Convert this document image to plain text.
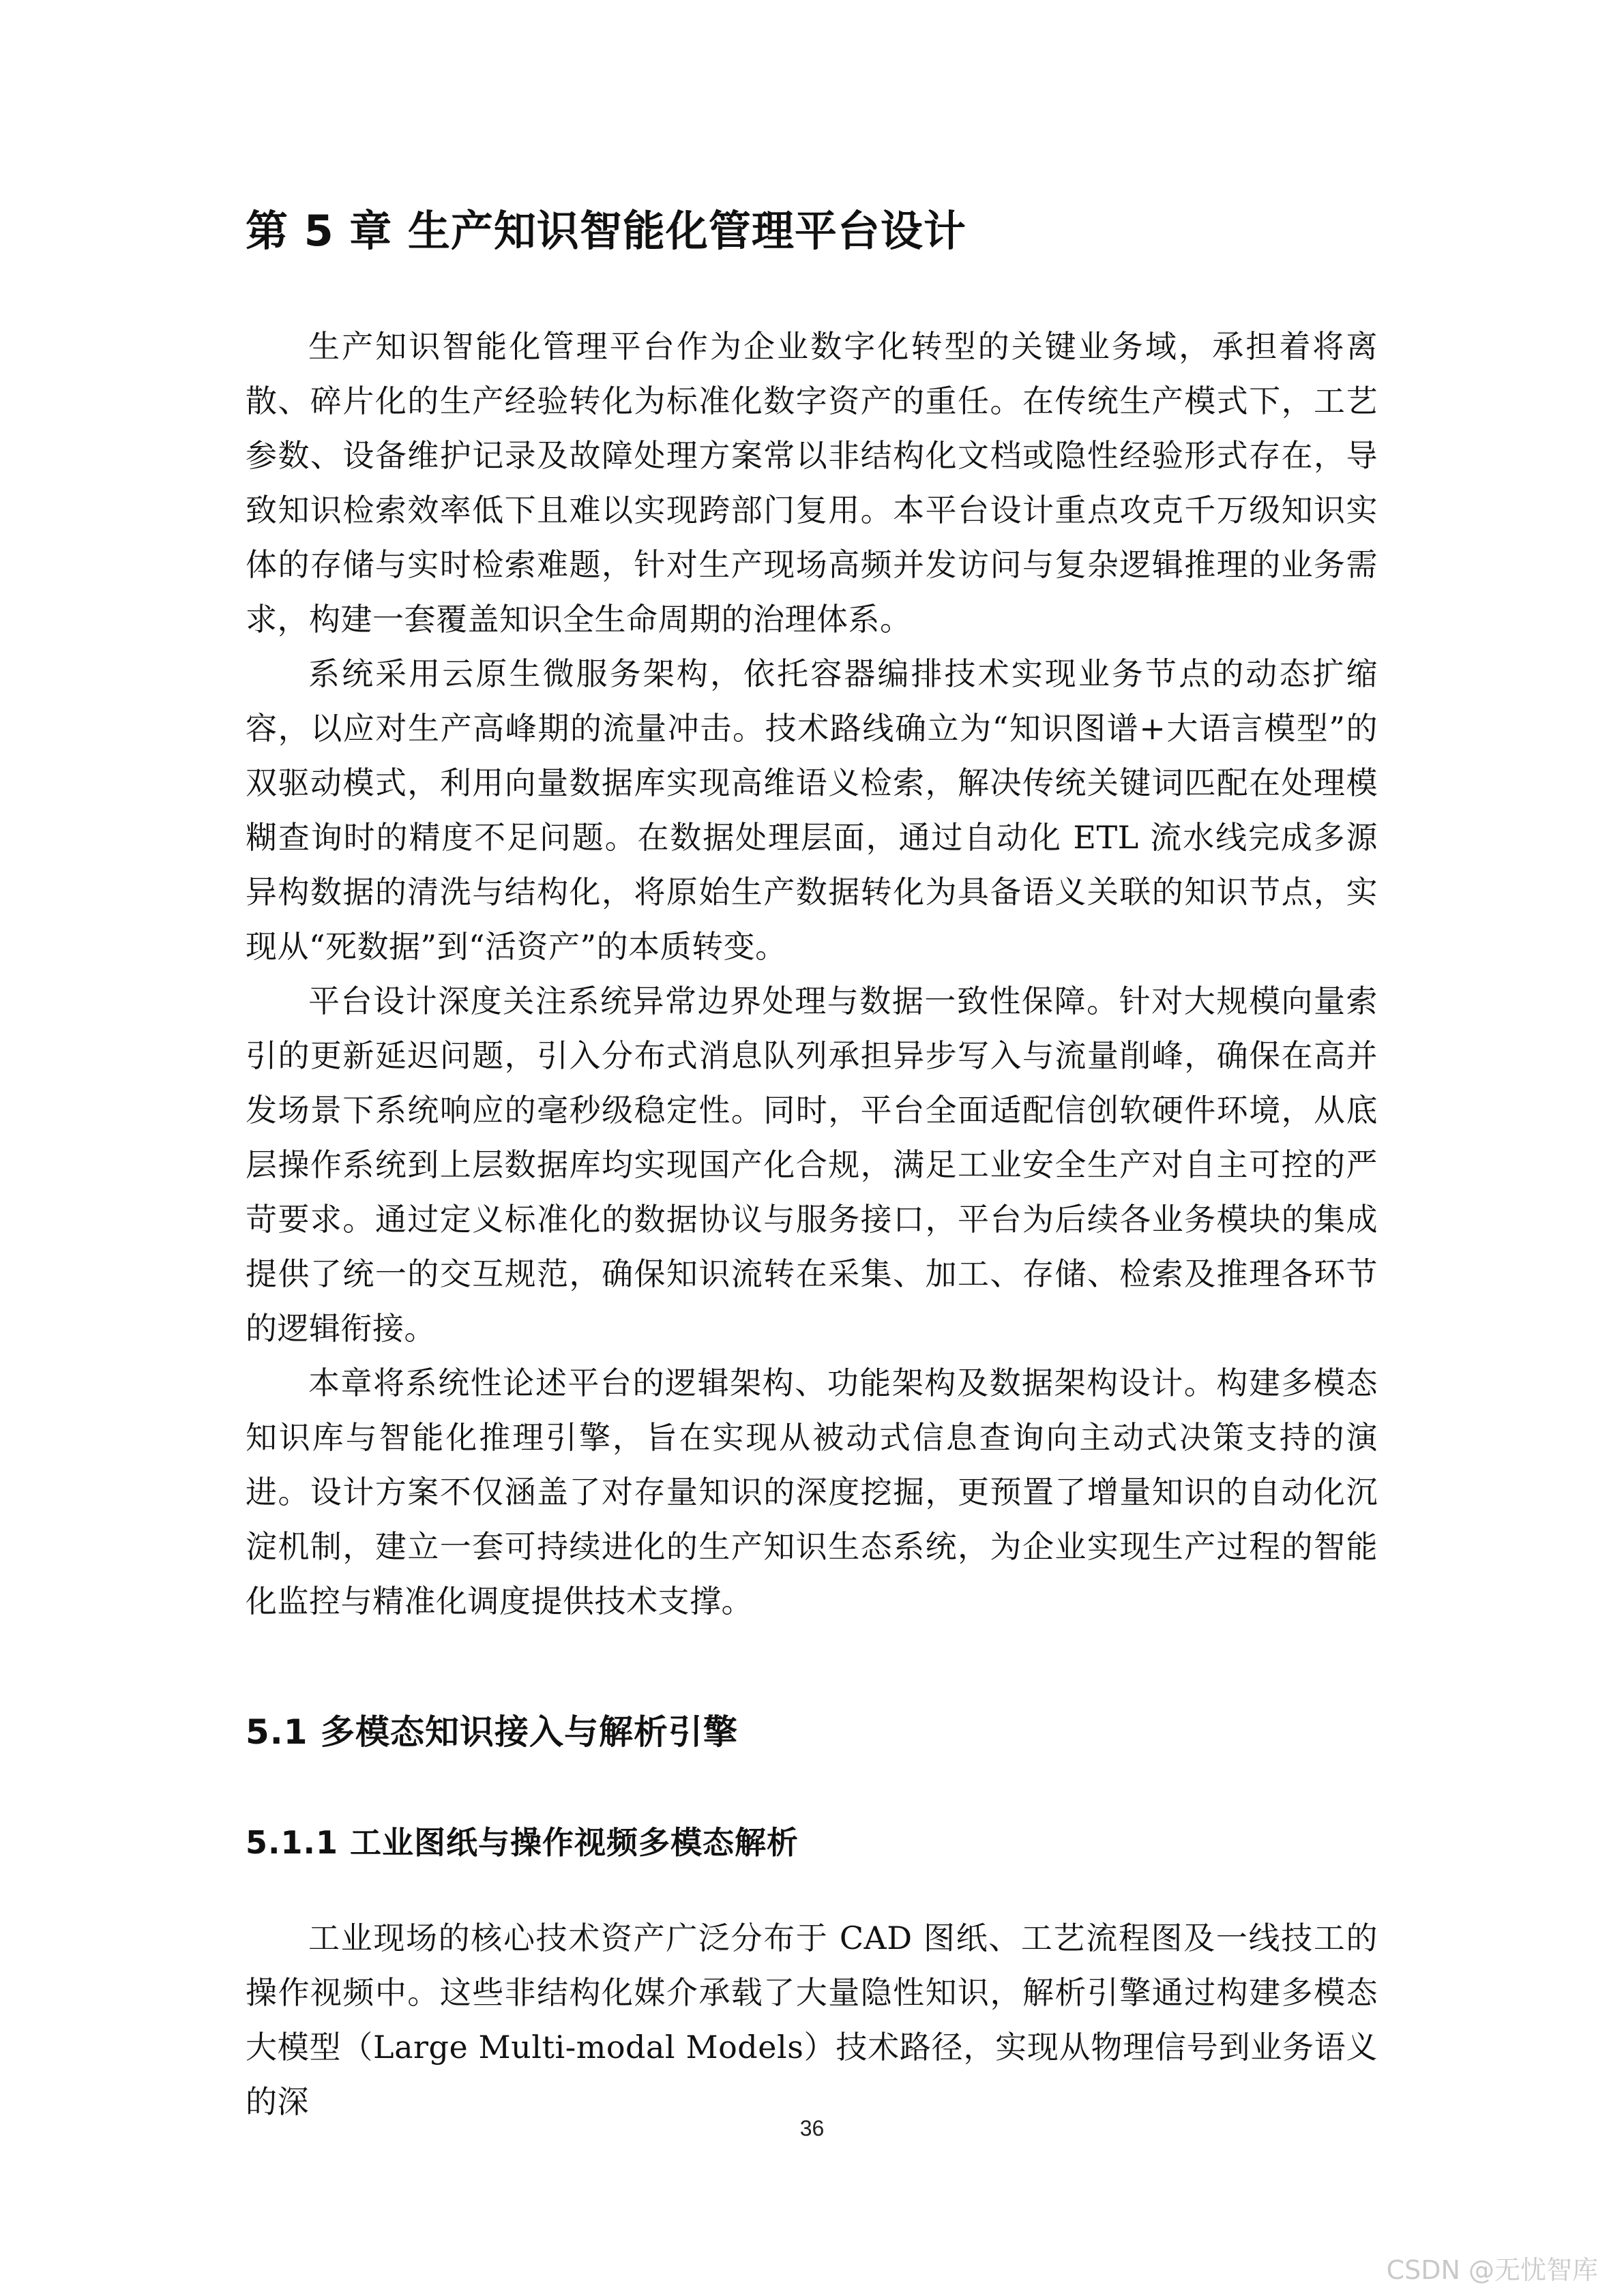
第 5 章 生产知识智能化管理平台设计

生产知识智能化管理平台作为企业数字化转型的关键业务域，承担着将离散、碎片化的生产经验转化为标准化数字资产的重任。在传统生产模式下，工艺参数、设备维护记录及故障处理方案常以非结构化文档或隐性经验形式存在，导致知识检索效率低下且难以实现跨部门复用。本平台设计重点攻克千万级知识实体的存储与实时检索难题，针对生产现场高频并发访问与复杂逻辑推理的业务需求，构建一套覆盖知识全生命周期的治理体系。

系统采用云原生微服务架构，依托容器编排技术实现业务节点的动态扩缩容，以应对生产高峰期的流量冲击。技术路线确立为“知识图谱+大语言模型”的双驱动模式，利用向量数据库实现高维语义检索，解决传统关键词匹配在处理模糊查询时的精度不足问题。在数据处理层面，通过自动化 ETL 流水线完成多源异构数据的清洗与结构化，将原始生产数据转化为具备语义关联的知识节点，实现从“死数据”到“活资产”的本质转变。

平台设计深度关注系统异常边界处理与数据一致性保障。针对大规模向量索引的更新延迟问题，引入分布式消息队列承担异步写入与流量削峰，确保在高并发场景下系统响应的毫秒级稳定性。同时，平台全面适配信创软硬件环境，从底层操作系统到上层数据库均实现国产化合规，满足工业安全生产对自主可控的严苛要求。通过定义标准化的数据协议与服务接口，平台为后续各业务模块的集成提供了统一的交互规范，确保知识流转在采集、加工、存储、检索及推理各环节的逻辑衔接。

本章将系统性论述平台的逻辑架构、功能架构及数据架构设计。构建多模态知识库与智能化推理引擎，旨在实现从被动式信息查询向主动式决策支持的演进。设计方案不仅涵盖了对存量知识的深度挖掘，更预置了增量知识的自动化沉淀机制，建立一套可持续进化的生产知识生态系统，为企业实现生产过程的智能化监控与精准化调度提供技术支撑。

5.1 多模态知识接入与解析引擎
5.1.1 工业图纸与操作视频多模态解析

工业现场的核心技术资产广泛分布于 CAD 图纸、工艺流程图及一线技工的操作视频中。这些非结构化媒介承载了大量隐性知识，解析引擎通过构建多模态大模型（Large Multi-modal Models）技术路径，实现从物理信号到业务语义的深

36
CSDN @无忧智库
